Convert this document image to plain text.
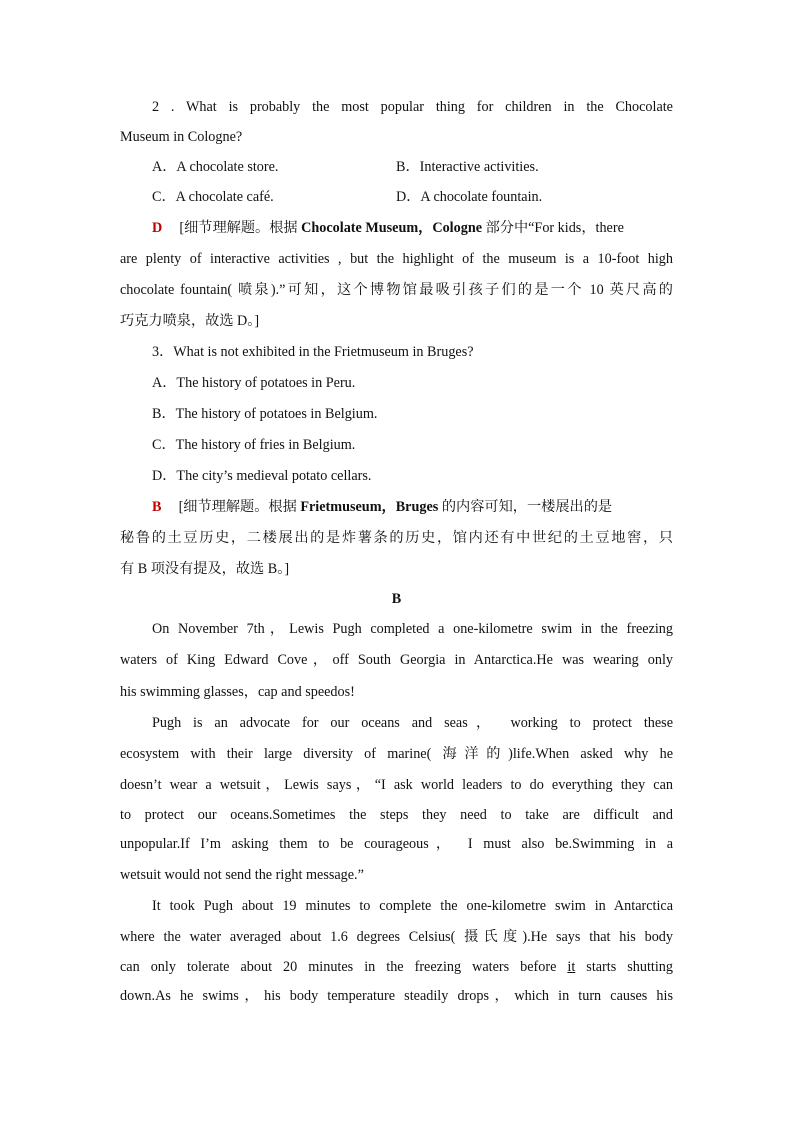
2 . What is probably the most popular thing for children in the Chocolate
Museum in Cologne?
A．A chocolate store.	B．Interactive activities.
C．A chocolate café.	D．A chocolate fountain.
D [细节理解题。根据 Chocolate Museum，Cologne 部分中“For kids，there
are plenty of interactive activities , but the highlight of the museum is a 10-foot high
chocolate fountain( 喷泉).”可知，这个博物馆最吸引孩子们的是一个 10 英尺高的
巧克力喷泉，故选 D。]
3．What is not exhibited in the Frietmuseum in Bruges?
A．The history of potatoes in Peru.
B．The history of potatoes in Belgium.
C．The history of fries in Belgium.
D．The city’s medieval potato cellars.
B [细节理解题。根据 Frietmuseum，Bruges 的内容可知，一楼展出的是
秘鲁的土豆历史，二楼展出的是炸薯条的历史，馆内还有中世纪的土豆地窖，只
有 B 项没有提及，故选 B。]
B
On November 7th，Lewis Pugh completed a one-kilometre swim in the freezing
waters of King Edward Cove，off South Georgia in Antarctica.He was wearing only
his swimming glasses，cap and speedos!
Pugh is an advocate for our oceans and seas， working to protect these
ecosystem with their large diversity of marine( 海洋的)life.When asked why he
doesn’t wear a wetsuit，Lewis says，“I ask world leaders to do everything they can
to protect our oceans.Sometimes the steps they need to take are difficult and
unpopular.If I’m asking them to be courageous， I must also be.Swimming in a
wetsuit would not send the right message.”
It took Pugh about 19 minutes to complete the one-kilometre swim in Antarctica
where the water averaged about 1.6 degrees Celsius( 摄氏度).He says that his body
can only tolerate about 20 minutes in the freezing waters before it starts shutting
down.As he swims，his body temperature steadily drops，which in turn causes his
